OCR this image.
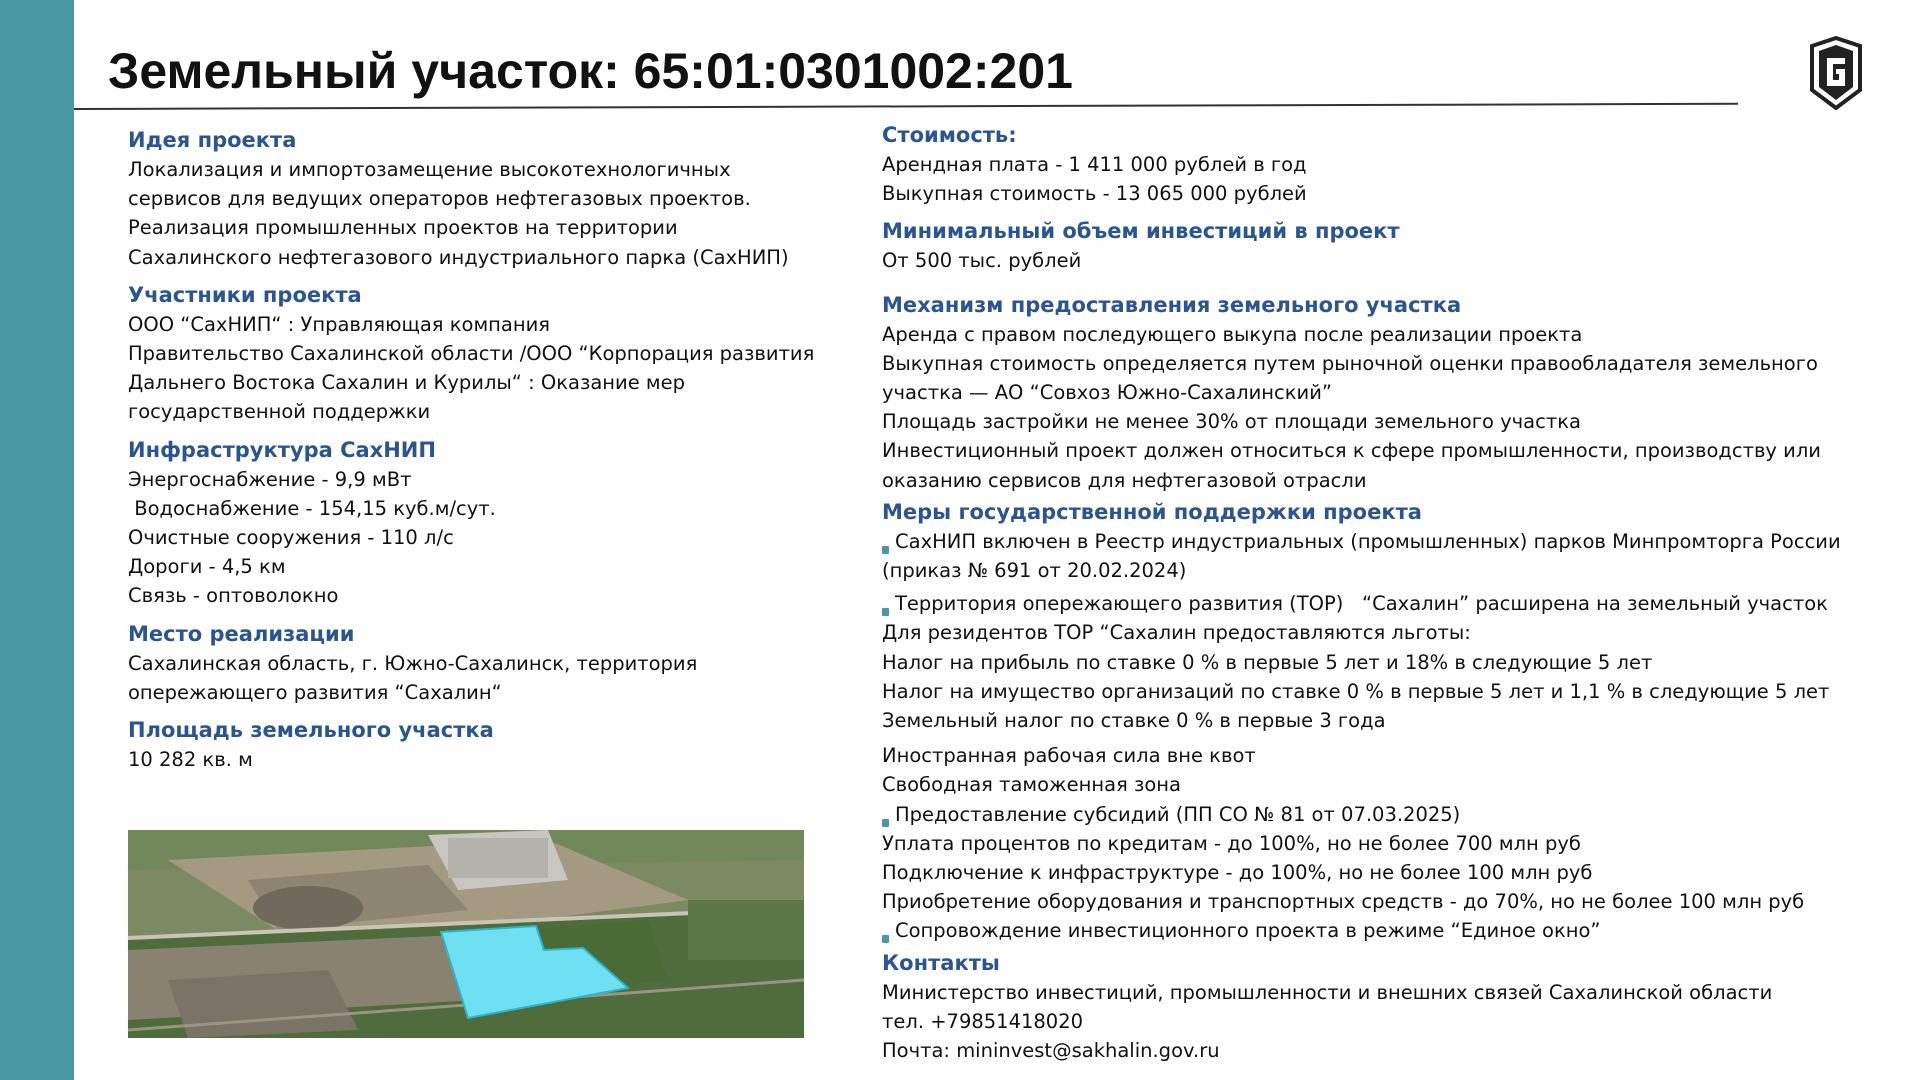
Земельный участок: 65:01:0301002:201
Идея проекта
Локализация и импортозамещение высокотехнологичных
сервисов для ведущих операторов нефтегазовых проектов.
Реализация промышленных проектов на территории
Сахалинского нефтегазового индустриального парка (СахНИП)
Участники проекта
ООО “СахНИП“ : Управляющая компания
Правительство Сахалинской области /ООО “Корпорация развития
Дальнего Востока Сахалин и Курилы“ : Оказание мер
государственной поддержки
Инфраструктура СахНИП
Энергоснабжение - 9,9 мВт
Водоснабжение - 154,15 куб.м/сут.
Очистные сооружения - 110 л/с
Дороги - 4,5 км
Связь - оптоволокно
Место реализации
Сахалинская область, г. Южно-Сахалинск, территория
опережающего развития “Сахалин“
Площадь земельного участка
10 282 кв. м
Стоимость:
Арендная плата - 1 411 000 рублей в год
Выкупная стоимость - 13 065 000 рублей
Минимальный объем инвестиций в проект
От 500 тыс. рублей
Механизм предоставления земельного участка
Аренда с правом последующего выкупа после реализации проекта
Выкупная стоимость определяется путем рыночной оценки правообладателя земельного
участка — АО “Совхоз Южно-Сахалинский”
Площадь застройки не менее 30% от площади земельного участка
Инвестиционный проект должен относиться к сфере промышленности, производству или
оказанию сервисов для нефтегазовой отрасли
Меры государственной поддержки проекта
СахНИП включен в Реестр индустриальных (промышленных) парков Минпромторга России
(приказ № 691 от 20.02.2024)
Территория опережающего развития (ТОР) “Сахалин” расширена на земельный участок
Для резидентов ТОР “Сахалин предоставляются льготы:
Налог на прибыль по ставке 0 % в первые 5 лет и 18% в следующие 5 лет
Налог на имущество организаций по ставке 0 % в первые 5 лет и 1,1 % в следующие 5 лет
Земельный налог по ставке 0 % в первые 3 года
Иностранная рабочая сила вне квот
Свободная таможенная зона
Предоставление субсидий (ПП СО № 81 от 07.03.2025)
Уплата процентов по кредитам - до 100%, но не более 700 млн руб
Подключение к инфраструктуре - до 100%, но не более 100 млн руб
Приобретение оборудования и транспортных средств - до 70%, но не более 100 млн руб
Сопровождение инвестиционного проекта в режиме “Единое окно”
Контакты
Министерство инвестиций, промышленности и внешних связей Сахалинской области
тел. +79851418020
Почта: mininvest@sakhalin.gov.ru
